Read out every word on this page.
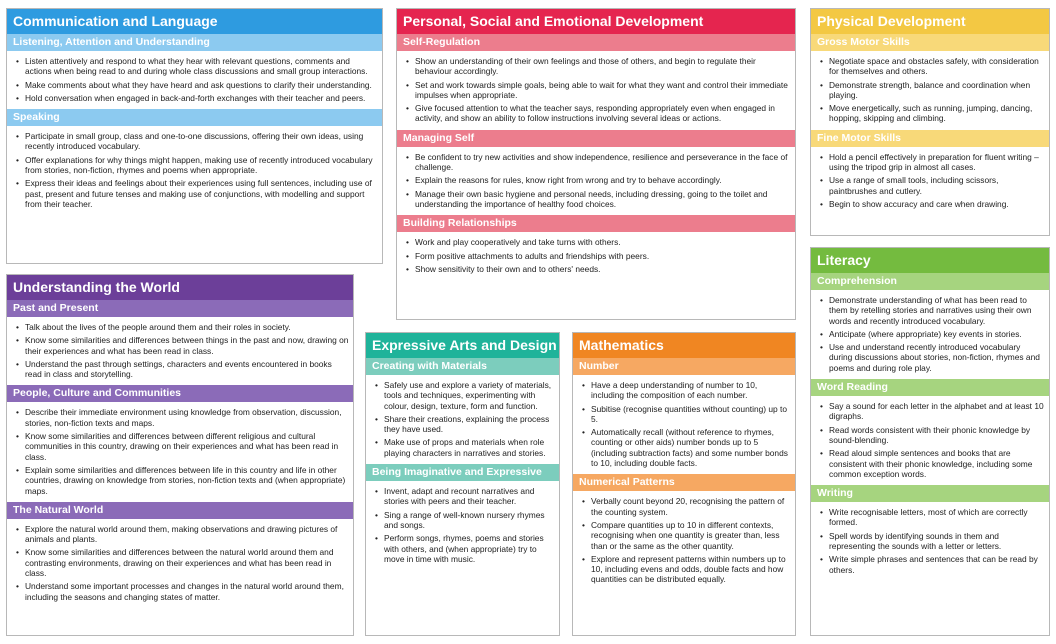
Communication and Language
Listening, Attention and Understanding
• Listen attentively and respond to what they hear with relevant questions, comments and actions when being read to and during whole class discussions and small group interactions.
• Make comments about what they have heard and ask questions to clarify their understanding.
• Hold conversation when engaged in back-and-forth exchanges with their teacher and peers.
Speaking
• Participate in small group, class and one-to-one discussions, offering their own ideas, using recently introduced vocabulary.
• Offer explanations for why things might happen, making use of recently introduced vocabulary from stories, non-fiction, rhymes and poems when appropriate.
• Express their ideas and feelings about their experiences using full sentences, including use of past, present and future tenses and making use of conjunctions, with modelling and support from their teacher.
Personal, Social and Emotional Development
Self-Regulation
• Show an understanding of their own feelings and those of others, and begin to regulate their behaviour accordingly.
• Set and work towards simple goals, being able to wait for what they want and control their immediate impulses when appropriate.
• Give focused attention to what the teacher says, responding appropriately even when engaged in activity, and show an ability to follow instructions involving several ideas or actions.
Managing Self
• Be confident to try new activities and show independence, resilience and perseverance in the face of challenge.
• Explain the reasons for rules, know right from wrong and try to behave accordingly.
• Manage their own basic hygiene and personal needs, including dressing, going to the toilet and understanding the importance of healthy food choices.
Building Relationships
• Work and play cooperatively and take turns with others.
• Form positive attachments to adults and friendships with peers.
• Show sensitivity to their own and to others' needs.
Physical Development
Gross Motor Skills
• Negotiate space and obstacles safely, with consideration for themselves and others.
• Demonstrate strength, balance and coordination when playing.
• Move energetically, such as running, jumping, dancing, hopping, skipping and climbing.
Fine Motor Skills
• Hold a pencil effectively in preparation for fluent writing – using the tripod grip in almost all cases.
• Use a range of small tools, including scissors, paintbrushes and cutlery.
• Begin to show accuracy and care when drawing.
Understanding the World
Past and Present
• Talk about the lives of the people around them and their roles in society.
• Know some similarities and differences between things in the past and now, drawing on their experiences and what has been read in class.
• Understand the past through settings, characters and events encountered in books read in class and storytelling.
People, Culture and Communities
• Describe their immediate environment using knowledge from observation, discussion, stories, non-fiction texts and maps.
• Know some similarities and differences between different religious and cultural communities in this country, drawing on their experiences and what has been read in class.
• Explain some similarities and differences between life in this country and life in other countries, drawing on knowledge from stories, non-fiction texts and (when appropriate) maps.
The Natural World
• Explore the natural world around them, making observations and drawing pictures of animals and plants.
• Know some similarities and differences between the natural world around them and contrasting environments, drawing on their experiences and what has been read in class.
• Understand some important processes and changes in the natural world around them, including the seasons and changing states of matter.
Expressive Arts and Design
Creating with Materials
• Safely use and explore a variety of materials, tools and techniques, experimenting with colour, design, texture, form and function.
• Share their creations, explaining the process they have used.
• Make use of props and materials when role playing characters in narratives and stories.
Being Imaginative and Expressive
• Invent, adapt and recount narratives and stories with peers and their teacher.
• Sing a range of well-known nursery rhymes and songs.
• Perform songs, rhymes, poems and stories with others, and (when appropriate) try to move in time with music.
Mathematics
Number
• Have a deep understanding of number to 10, including the composition of each number.
• Subitise (recognise quantities without counting) up to 5.
• Automatically recall (without reference to rhymes, counting or other aids) number bonds up to 5 (including subtraction facts) and some number bonds to 10, including double facts.
Numerical Patterns
• Verbally count beyond 20, recognising the pattern of the counting system.
• Compare quantities up to 10 in different contexts, recognising when one quantity is greater than, less than or the same as the other quantity.
• Explore and represent patterns within numbers up to 10, including evens and odds, double facts and how quantities can be distributed equally.
Literacy
Comprehension
• Demonstrate understanding of what has been read to them by retelling stories and narratives using their own words and recently introduced vocabulary.
• Anticipate (where appropriate) key events in stories.
• Use and understand recently introduced vocabulary during discussions about stories, non-fiction, rhymes and poems and during role play.
Word Reading
• Say a sound for each letter in the alphabet and at least 10 digraphs.
• Read words consistent with their phonic knowledge by sound-blending.
• Read aloud simple sentences and books that are consistent with their phonic knowledge, including some common exception words.
Writing
• Write recognisable letters, most of which are correctly formed.
• Spell words by identifying sounds in them and representing the sounds with a letter or letters.
• Write simple phrases and sentences that can be read by others.
